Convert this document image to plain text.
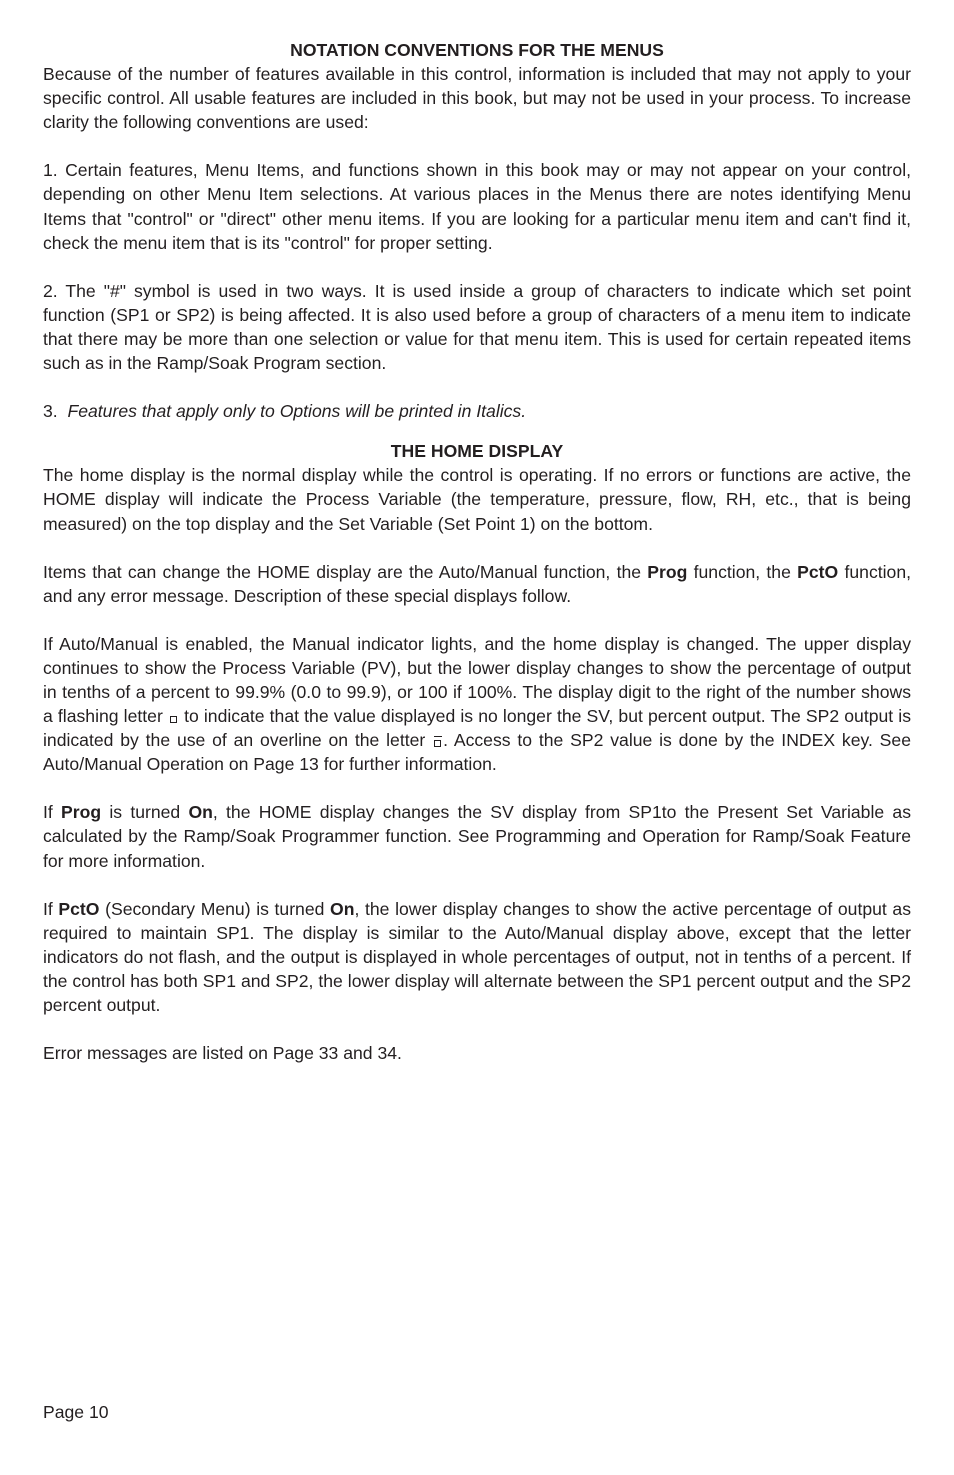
NOTATION CONVENTIONS FOR THE MENUS

Because of the number of features available in this control, information is included that may not apply to your specific control. All usable features are included in this book, but may not be used in your process. To increase clarity the following conventions are used:

1. Certain features, Menu Items, and functions shown in this book may or may not appear on your control, depending on other Menu Item selections. At various places in the Menus there are notes identifying Menu Items that "control" or "direct" other menu items. If you are looking for a particular menu item and can't find it, check the menu item that is its "control" for proper setting.

2. The "#" symbol is used in two ways. It is used inside a group of characters to indicate which set point function (SP1 or SP2) is being affected. It is also used before a group of characters of a menu item to indicate that there may be more than one selection or value for that menu item. This is used for certain repeated items such as in the Ramp/Soak Program section.

3. Features that apply only to Options will be printed in Italics.

THE HOME DISPLAY

The home display is the normal display while the control is operating. If no errors or functions are active, the HOME display will indicate the Process Variable (the temperature, pressure, flow, RH, etc., that is being measured) on the top display and the Set Variable (Set Point 1) on the bottom.

Items that can change the HOME display are the Auto/Manual function, the Prog function, the PctO function, and any error message. Description of these special displays follow.

If Auto/Manual is enabled, the Manual indicator lights, and the home display is changed. The upper display continues to show the Process Variable (PV), but the lower display changes to show the percentage of output in tenths of a percent to 99.9% (0.0 to 99.9), or 100 if 100%. The display digit to the right of the number shows a flashing letter to indicate that the value displayed is no longer the SV, but percent output. The SP2 output is indicated by the use of an overline on the letter . Access to the SP2 value is done by the INDEX key. See Auto/Manual Operation on Page 13 for further information.

If Prog is turned On, the HOME display changes the SV display from SP1to the Present Set Variable as calculated by the Ramp/Soak Programmer function. See Programming and Operation for Ramp/Soak Feature for more information.

If PctO (Secondary Menu) is turned On, the lower display changes to show the active percentage of output as required to maintain SP1. The display is similar to the Auto/Manual display above, except that the letter indicators do not flash, and the output is displayed in whole percentages of output, not in tenths of a percent. If the control has both SP1 and SP2, the lower display will alternate between the SP1 percent output and the SP2 percent output.

Error messages are listed on Page 33 and 34.

Page 10
